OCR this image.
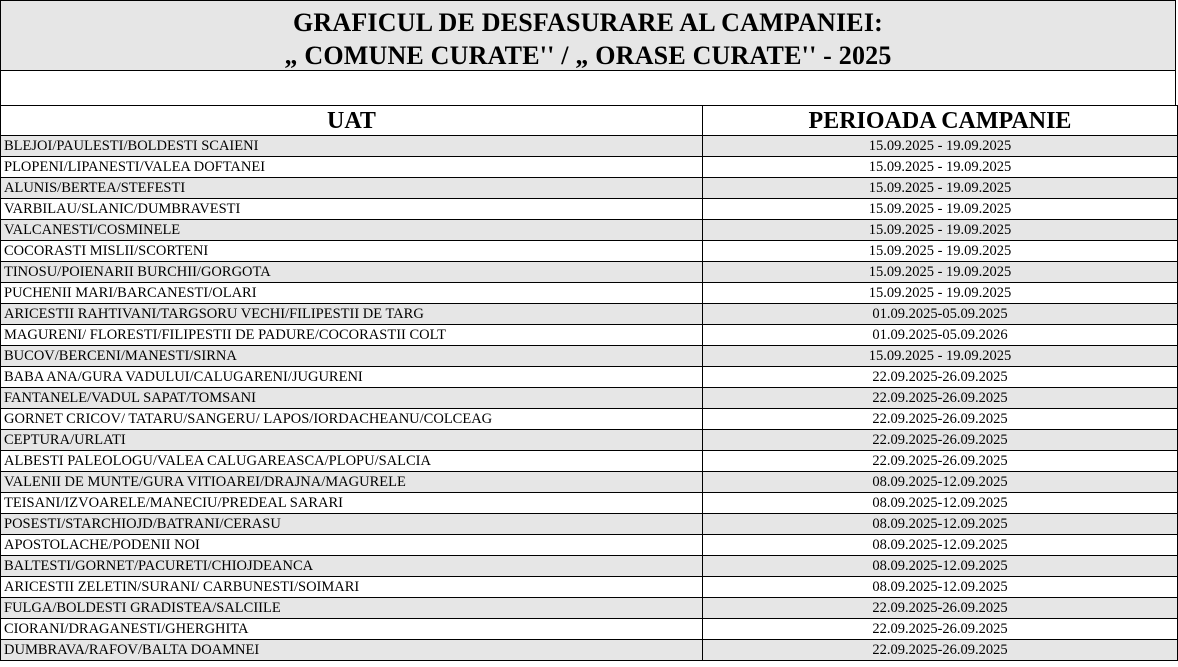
GRAFICUL DE DESFASURARE AL CAMPANIEI:
„ COMUNE CURATE'' / „ ORASE CURATE'' - 2025
UAT	PERIOADA CAMPANIE
BLEJOI/PAULESTI/BOLDESTI SCAIENI	15.09.2025 - 19.09.2025
PLOPENI/LIPANESTI/VALEA DOFTANEI	15.09.2025 - 19.09.2025
ALUNIS/BERTEA/STEFESTI	15.09.2025 - 19.09.2025
VARBILAU/SLANIC/DUMBRAVESTI	15.09.2025 - 19.09.2025
VALCANESTI/COSMINELE	15.09.2025 - 19.09.2025
COCORASTI MISLII/SCORTENI	15.09.2025 - 19.09.2025
TINOSU/POIENARII BURCHII/GORGOTA	15.09.2025 - 19.09.2025
PUCHENII MARI/BARCANESTI/OLARI	15.09.2025 - 19.09.2025
ARICESTII RAHTIVANI/TARGSORU VECHI/FILIPESTII DE TARG	01.09.2025-05.09.2025
MAGURENI/ FLORESTI/FILIPESTII DE PADURE/COCORASTII COLT	01.09.2025-05.09.2026
BUCOV/BERCENI/MANESTI/SIRNA	15.09.2025 - 19.09.2025
BABA ANA/GURA VADULUI/CALUGARENI/JUGURENI	22.09.2025-26.09.2025
FANTANELE/VADUL SAPAT/TOMSANI	22.09.2025-26.09.2025
GORNET CRICOV/ TATARU/SANGERU/ LAPOS/IORDACHEANU/COLCEAG	22.09.2025-26.09.2025
CEPTURA/URLATI	22.09.2025-26.09.2025
ALBESTI PALEOLOGU/VALEA CALUGAREASCA/PLOPU/SALCIA	22.09.2025-26.09.2025
VALENII DE MUNTE/GURA VITIOAREI/DRAJNA/MAGURELE	08.09.2025-12.09.2025
TEISANI/IZVOARELE/MANECIU/PREDEAL SARARI	08.09.2025-12.09.2025
POSESTI/STARCHIOJD/BATRANI/CERASU	08.09.2025-12.09.2025
APOSTOLACHE/PODENII NOI	08.09.2025-12.09.2025
BALTESTI/GORNET/PACURETI/CHIOJDEANCA	08.09.2025-12.09.2025
ARICESTII ZELETIN/SURANI/ CARBUNESTI/SOIMARI	08.09.2025-12.09.2025
FULGA/BOLDESTI GRADISTEA/SALCIILE	22.09.2025-26.09.2025
CIORANI/DRAGANESTI/GHERGHITA	22.09.2025-26.09.2025
DUMBRAVA/RAFOV/BALTA DOAMNEI	22.09.2025-26.09.2025
